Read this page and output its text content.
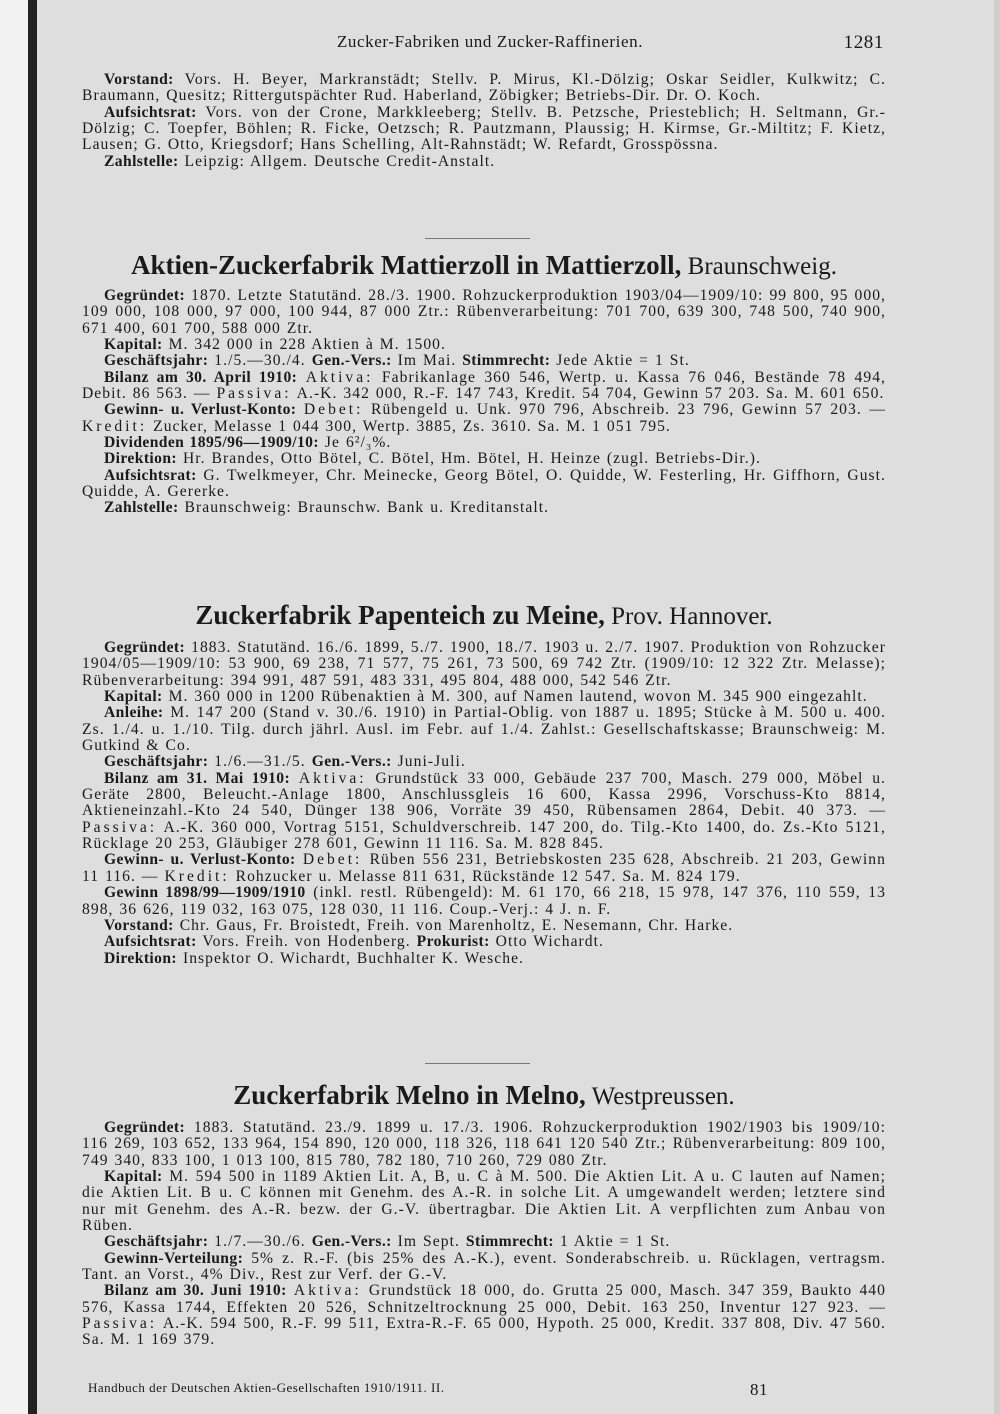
Zucker-Fabriken und Zucker-Raffinerien.	1281

Vorstand: Vors. H. Beyer, Markranstädt; Stellv. P. Mirus, Kl.-Dölzig; Oskar Seidler, Kulkwitz; C. Braumann, Quesitz; Rittergutspächter Rud. Haberland, Zöbigker; Betriebs-Dir. Dr. O. Koch.

Aufsichtsrat: Vors. von der Crone, Markkleeberg; Stellv. B. Petzsche, Priesteblich; H. Seltmann, Gr.-Dölzig; C. Toepfer, Böhlen; R. Ficke, Oetzsch; R. Pautzmann, Plaussig; H. Kirmse, Gr.-Miltitz; F. Kietz, Lausen; G. Otto, Kriegsdorf; Hans Schelling, Alt-Rahnstädt; W. Refardt, Grosspössna.

Zahlstelle: Leipzig: Allgem. Deutsche Credit-Anstalt.

Aktien-Zuckerfabrik Mattierzoll in Mattierzoll, Braunschweig.

Gegründet: 1870. Letzte Statutänd. 28./3. 1900. Rohzuckerproduktion 1903/04—1909/10: 99 800, 95 000, 109 000, 108 000, 97 000, 100 944, 87 000 Ztr.: Rübenverarbeitung: 701 700, 639 300, 748 500, 740 900, 671 400, 601 700, 588 000 Ztr.

Kapital: M. 342 000 in 228 Aktien à M. 1500.

Geschäftsjahr: 1./5.—30./4. Gen.-Vers.: Im Mai. Stimmrecht: Jede Aktie = 1 St.

Bilanz am 30. April 1910: Aktiva: Fabrikanlage 360 546, Wertp. u. Kassa 76 046, Bestände 78 494, Debit. 86 563. — Passiva: A.-K. 342 000, R.-F. 147 743, Kredit. 54 704, Gewinn 57 203. Sa. M. 601 650.

Gewinn- u. Verlust-Konto: Debet: Rübengeld u. Unk. 970 796, Abschreib. 23 796, Gewinn 57 203. — Kredit: Zucker, Melasse 1 044 300, Wertp. 3885, Zs. 3610. Sa. M. 1 051 795.

Dividenden 1895/96—1909/10: Je 6²/₃%.

Direktion: Hr. Brandes, Otto Bötel, C. Bötel, Hm. Bötel, H. Heinze (zugl. Betriebs-Dir.).

Aufsichtsrat: G. Twelkmeyer, Chr. Meinecke, Georg Bötel, O. Quidde, W. Festerling, Hr. Giffhorn, Gust. Quidde, A. Gererke.

Zahlstelle: Braunschweig: Braunschw. Bank u. Kreditanstalt.

Zuckerfabrik Papenteich zu Meine, Prov. Hannover.

Gegründet: 1883. Statutänd. 16./6. 1899, 5./7. 1900, 18./7. 1903 u. 2./7. 1907. Produktion von Rohzucker 1904/05—1909/10: 53 900, 69 238, 71 577, 75 261, 73 500, 69 742 Ztr. (1909/10: 12 322 Ztr. Melasse); Rübenverarbeitung: 394 991, 487 591, 483 331, 495 804, 488 000, 542 546 Ztr.

Kapital: M. 360 000 in 1200 Rübenaktien à M. 300, auf Namen lautend, wovon M. 345 900 eingezahlt.

Anleihe: M. 147 200 (Stand v. 30./6. 1910) in Partial-Oblig. von 1887 u. 1895; Stücke à M. 500 u. 400. Zs. 1./4. u. 1./10. Tilg. durch jährl. Ausl. im Febr. auf 1./4. Zahlst.: Gesellschaftskasse; Braunschweig: M. Gutkind & Co.

Geschäftsjahr: 1./6.—31./5. Gen.-Vers.: Juni-Juli.

Bilanz am 31. Mai 1910: Aktiva: Grundstück 33 000, Gebäude 237 700, Masch. 279 000, Möbel u. Geräte 2800, Beleucht.-Anlage 1800, Anschlussgleis 16 600, Kassa 2996, Vorschuss-Kto 8814, Aktieneinzahl.-Kto 24 540, Dünger 138 906, Vorräte 39 450, Rübensamen 2864, Debit. 40 373. — Passiva: A.-K. 360 000, Vortrag 5151, Schuldverschreib. 147 200, do. Tilg.-Kto 1400, do. Zs.-Kto 5121, Rücklage 20 253, Gläubiger 278 601, Gewinn 11 116. Sa. M. 828 845.

Gewinn- u. Verlust-Konto: Debet: Rüben 556 231, Betriebskosten 235 628, Abschreib. 21 203, Gewinn 11 116. — Kredit: Rohzucker u. Melasse 811 631, Rückstände 12 547. Sa. M. 824 179.

Gewinn 1898/99—1909/1910 (inkl. restl. Rübengeld): M. 61 170, 66 218, 15 978, 147 376, 110 559, 13 898, 36 626, 119 032, 163 075, 128 030, 11 116. Coup.-Verj.: 4 J. n. F.

Vorstand: Chr. Gaus, Fr. Broistedt, Freih. von Marenholtz, E. Nesemann, Chr. Harke.

Aufsichtsrat: Vors. Freih. von Hodenberg. Prokurist: Otto Wichardt.

Direktion: Inspektor O. Wichardt, Buchhalter K. Wesche.

Zuckerfabrik Melno in Melno, Westpreussen.

Gegründet: 1883. Statutänd. 23./9. 1899 u. 17./3. 1906. Rohzuckerproduktion 1902/1903 bis 1909/10: 116 269, 103 652, 133 964, 154 890, 120 000, 118 326, 118 641 120 540 Ztr.; Rübenverarbeitung: 809 100, 749 340, 833 100, 1 013 100, 815 780, 782 180, 710 260, 729 080 Ztr.

Kapital: M. 594 500 in 1189 Aktien Lit. A, B, u. C à M. 500. Die Aktien Lit. A u. C lauten auf Namen; die Aktien Lit. B u. C können mit Genehm. des A.-R. in solche Lit. A umgewandelt werden; letztere sind nur mit Genehm. des A.-R. bezw. der G.-V. übertragbar. Die Aktien Lit. A verpflichten zum Anbau von Rüben.

Geschäftsjahr: 1./7.—30./6. Gen.-Vers.: Im Sept. Stimmrecht: 1 Aktie = 1 St.

Gewinn-Verteilung: 5% z. R.-F. (bis 25% des A.-K.), event. Sonderabschreib. u. Rücklagen, vertragsm. Tant. an Vorst., 4% Div., Rest zur Verf. der G.-V.

Bilanz am 30. Juni 1910: Aktiva: Grundstück 18 000, do. Grutta 25 000, Masch. 347 359, Baukto 440 576, Kassa 1744, Effekten 20 526, Schnitzeltrocknung 25 000, Debit. 163 250, Inventur 127 923. — Passiva: A.-K. 594 500, R.-F. 99 511, Extra-R.-F. 65 000, Hypoth. 25 000, Kredit. 337 808, Div. 47 560. Sa. M. 1 169 379.

Handbuch der Deutschen Aktien-Gesellschaften 1910/1911. II.	81
